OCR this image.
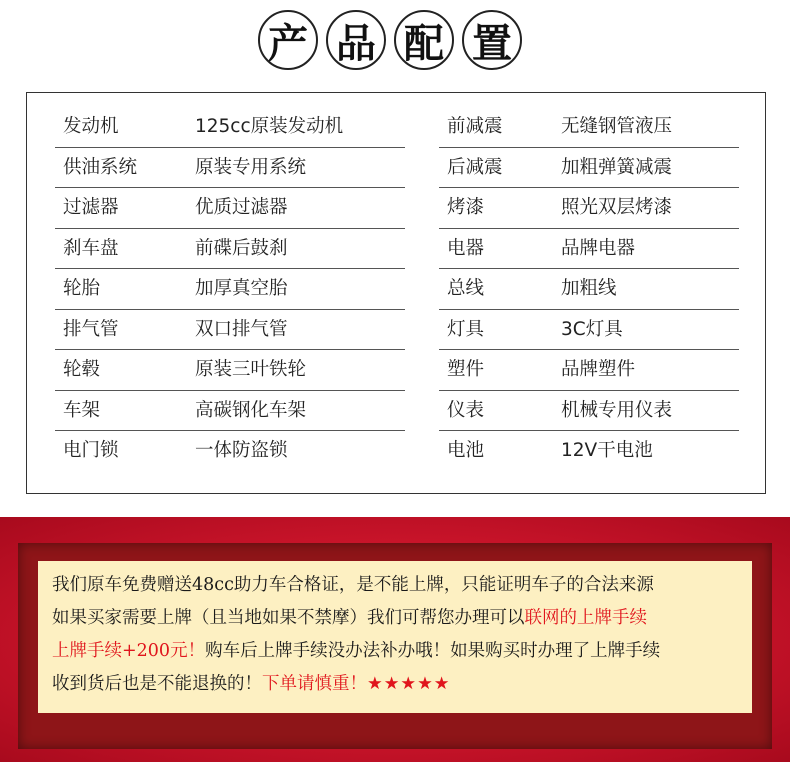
产 品 配 置
发动机	125cc原装发动机
供油系统	原装专用系统
过滤器	优质过滤器
刹车盘	前碟后鼓刹
轮胎	加厚真空胎
排气管	双口排气管
轮毂	原装三叶铁轮
车架	高碳钢化车架
电门锁	一体防盗锁
前减震	无缝钢管液压
后减震	加粗弹簧减震
烤漆	照光双层烤漆
电器	品牌电器
总线	加粗线
灯具	3C灯具
塑件	品牌塑件
仪表	机械专用仪表
电池	12V干电池
我们原车免费赠送48cc助力车合格证，是不能上牌，只能证明车子的合法来源
如果买家需要上牌（且当地如果不禁摩）我们可帮您办理可以联网的上牌手续
上牌手续+200元！购车后上牌手续没办法补办哦！如果购买时办理了上牌手续
收到货后也是不能退换的！下单请慎重！★★★★★
